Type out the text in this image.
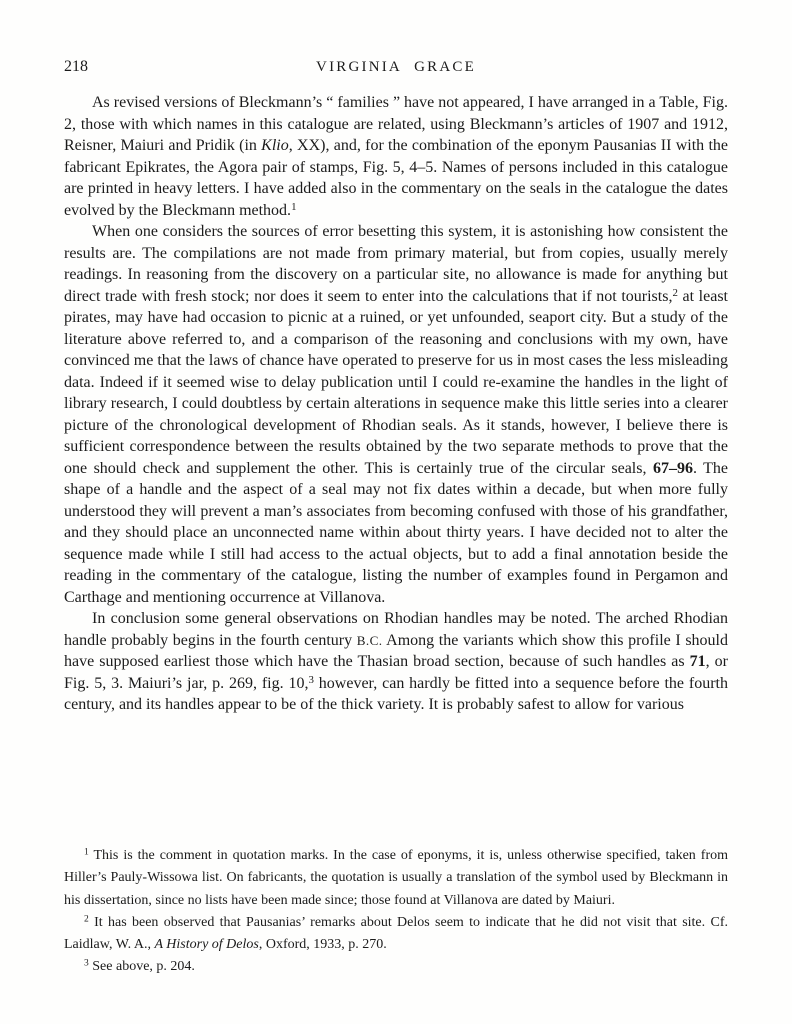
218	VIRGINIA GRACE

As revised versions of Bleckmann’s “ families ” have not appeared, I have arranged in a Table, Fig. 2, those with which names in this catalogue are related, using Bleckmann’s articles of 1907 and 1912, Reisner, Maiuri and Pridik (in Klio, XX), and, for the combination of the eponym Pausanias II with the fabricant Epikrates, the Agora pair of stamps, Fig. 5, 4–5. Names of persons included in this catalogue are printed in heavy letters. I have added also in the commentary on the seals in the catalogue the dates evolved by the Bleckmann method.$^1$

When one considers the sources of error besetting this system, it is astonishing how consistent the results are. The compilations are not made from primary material, but from copies, usually merely readings. In reasoning from the discovery on a particular site, no allowance is made for anything but direct trade with fresh stock; nor does it seem to enter into the calculations that if not tourists,$^2$ at least pirates, may have had occasion to picnic at a ruined, or yet unfounded, seaport city. But a study of the literature above referred to, and a comparison of the reasoning and conclusions with my own, have convinced me that the laws of chance have operated to preserve for us in most cases the less misleading data. Indeed if it seemed wise to delay publication until I could re-examine the handles in the light of library research, I could doubtless by certain alterations in sequence make this little series into a clearer picture of the chronological development of Rhodian seals. As it stands, however, I believe there is sufficient correspondence between the results obtained by the two separate methods to prove that the one should check and supplement the other. This is certainly true of the circular seals, 67–96. The shape of a handle and the aspect of a seal may not fix dates within a decade, but when more fully understood they will prevent a man’s associates from becoming confused with those of his grandfather, and they should place an unconnected name within about thirty years. I have decided not to alter the sequence made while I still had access to the actual objects, but to add a final annotation beside the reading in the commentary of the catalogue, listing the number of examples found in Pergamon and Carthage and mentioning occurrence at Villanova.

In conclusion some general observations on Rhodian handles may be noted. The arched Rhodian handle probably begins in the fourth century B.C. Among the variants which show this profile I should have supposed earliest those which have the Thasian broad section, because of such handles as 71, or Fig. 5, 3. Maiuri’s jar, p. 269, fig. 10,$^3$ however, can hardly be fitted into a sequence before the fourth century, and its handles appear to be of the thick variety. It is probably safest to allow for various

$^1$ This is the comment in quotation marks. In the case of eponyms, it is, unless otherwise specified, taken from Hiller’s Pauly-Wissowa list. On fabricants, the quotation is usually a translation of the symbol used by Bleckmann in his dissertation, since no lists have been made since; those found at Villanova are dated by Maiuri.

$^2$ It has been observed that Pausanias’ remarks about Delos seem to indicate that he did not visit that site. Cf. Laidlaw, W. A., A History of Delos, Oxford, 1933, p. 270.

$^3$ See above, p. 204.
